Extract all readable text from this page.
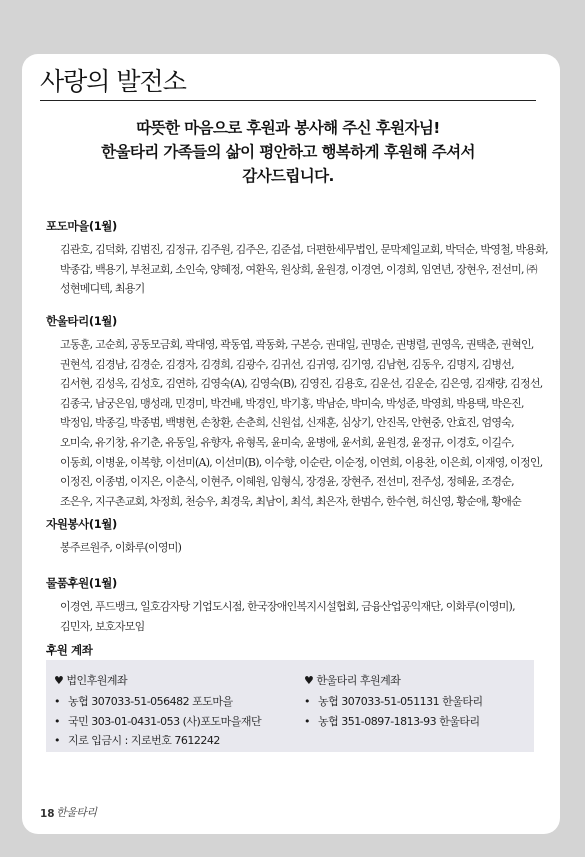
사랑의 발전소
따뜻한 마음으로 후원과 봉사해 주신 후원자님!
한울타리 가족들의 삶이 평안하고 행복하게 후원해 주셔서
감사드립니다.
포도마을(1월)

김관호, 김덕화, 김범진, 김정규, 김주원, 김주은, 김준섭, 더편한세무법인, 문막제일교회, 박덕순, 박영철, 박용화, 박종갑, 백용기, 부천교회, 소인숙, 양혜정, 여환옥, 원상희, 윤원경, 이경연, 이경희, 임연년, 장현우, 전선미, ㈜성현메디텍, 최용기

한울타리(1월)

고동훈, 고순희, 공동모금회, 곽대영, 곽동엽, 곽동화, 구본승, 권대일, 권명순, 권병렬, 권영옥, 권택춘, 권혁인, 권현석, 김경남, 김경순, 김경자, 김경희, 김광수, 김귀선, 김귀영, 김기영, 김남현, 김동우, 김명지, 김병선, 김서현, 김성옥, 김성호, 김연하, 김영숙(A), 김영숙(B), 김영진, 김용호, 김운선, 김운순, 김은영, 김재량, 김정선, 김종국, 남궁은임, 맹성래, 민경미, 박건배, 박경인, 박기홍, 박남순, 박미숙, 박성준, 박영희, 박용택, 박은진, 박정임, 박종길, 박종범, 백병현, 손창환, 손춘희, 신원섭, 신재훈, 심상기, 안진목, 안현중, 안효진, 엄영숙, 오미숙, 유기창, 유기춘, 유동일, 유향자, 유형목, 윤미숙, 윤병애, 윤서희, 윤원경, 윤정규, 이경호, 이길수, 이동희, 이병윤, 이복향, 이선미(A), 이선미(B), 이수향, 이순란, 이순정, 이연희, 이용찬, 이은희, 이재영, 이정인, 이정진, 이종범, 이지은, 이춘식, 이현주, 이혜원, 임형식, 장경윤, 장현주, 전선미, 전주성, 정혜윤, 조경순, 조은우, 지구촌교회, 차정희, 천승우, 최경욱, 최남이, 최석, 최은자, 한범수, 한수현, 허신영, 황순애, 황애순

자원봉사(1월)

봉주르원주, 이화루(이영미)

물품후원(1월)

이경연, 푸드뱅크, 일호감자탕 기업도시점, 한국장애인복지시설협회, 금융산업공익재단, 이화루(이영미), 김민자, 보호자모임

후원 계좌
♥ 법인후원계좌
• 농협 307033-51-056482 포도마을
• 국민 303-01-0431-053 (사)포도마을재단
• 지로 입금시 : 지로번호 7612242
♥ 한울타리 후원계좌
• 농협 307033-51-051131 한울타리
• 농협 351-0897-1813-93 한울타리
18 한울타리
